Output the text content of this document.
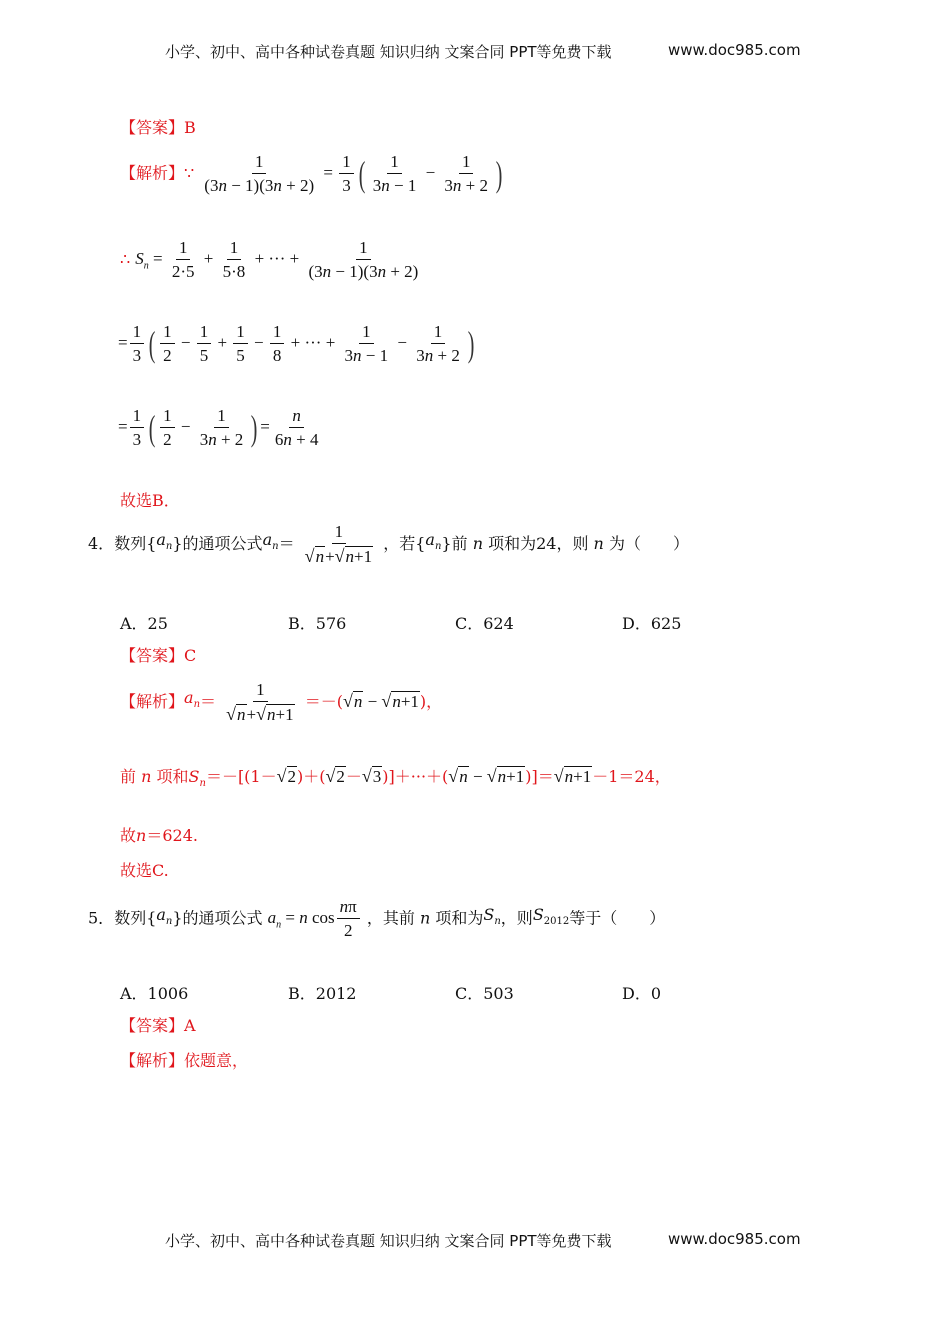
小学、初中、高中各种试卷真题 知识归纳 文案合同 PPT等免费下载	www.doc985.com
【答案】B
【解析】∵ $\frac{1}{(3n - 1)(3n + 2)} = \frac{1}{3}$ ( $\frac{1}{3n - 1} - \frac{1}{3n + 2}$ )
∴ $S_n = \frac{1}{2\cdot 5} + \frac{1}{5\cdot 8}$ + ··· + $\frac{1}{(3n - 1)(3n + 2)}$
= $\frac{1}{3}$ ( $\frac{1}{2} - \frac{1}{5} + \frac{1}{5} - \frac{1}{8}$ + ··· + $\frac{1}{3n - 1} - \frac{1}{3n + 2}$ )
= $\frac{1}{3}$ ( $\frac{1}{2} - \frac{1}{3n + 2}$ ) = $\frac{n}{6n + 4}$
故选B．
4．数列$\{a_n\}$的通项公式$a_n= \frac{1}{√n+√n+1}$ ，若$\{a_n\}$前 n 项和为24，则 n 为（　　）
A．25	B．576	C．624	D．625
【答案】C
【解析】$a_n= \frac{1}{√n+√n+1} =-(√n - √n+1)$，
前 n 项和$S_n=-[(1-√2)+(√2-√3)]+\cdot\cdot\cdot+(√n - √n+1)]=√n+1-1=24$，
故n＝624.
故选C.
5．数列$\{a_n\}$的通项公式 $a_n = n$ $\cos \frac{n\pi}{2}$ ，其前 n 项和为$S_n$，则$S_{2012}$等于（　　）
A．1006	B．2012	C．503	D．0
【答案】A
【解析】依题意，
小学、初中、高中各种试卷真题 知识归纳 文案合同 PPT等免费下载	www.doc985.com
